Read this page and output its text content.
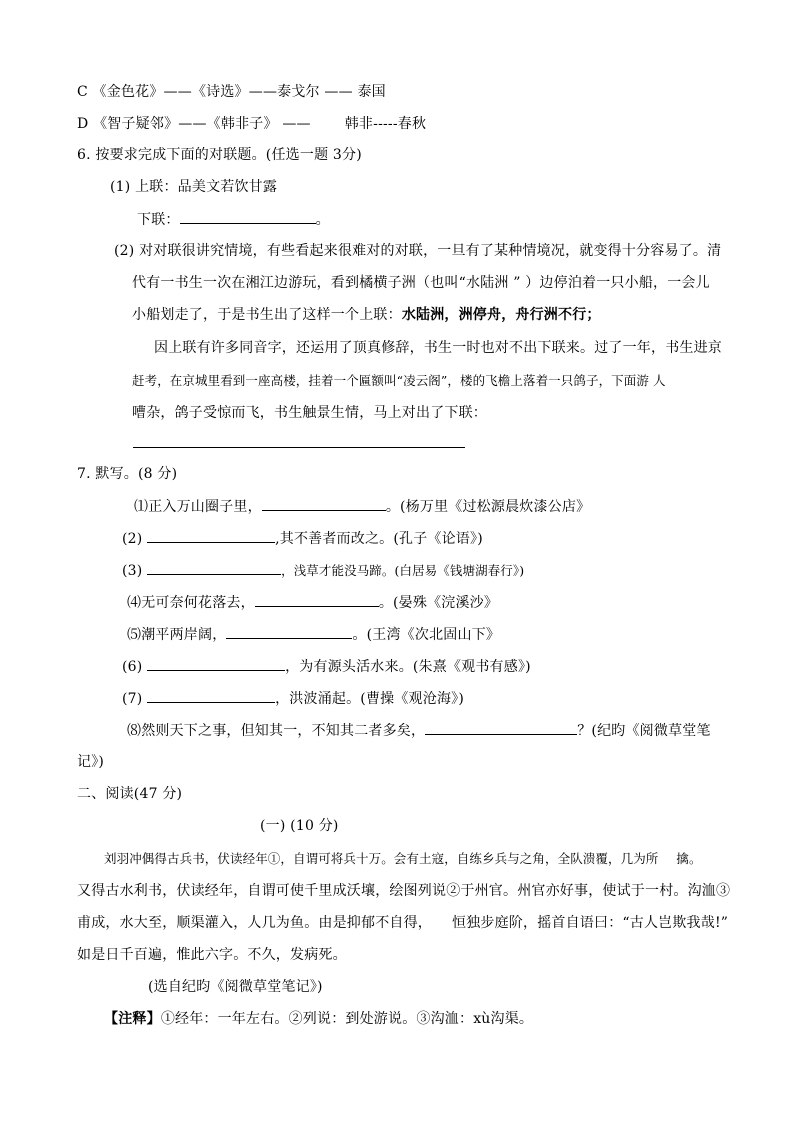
C 《金色花》——《诗选》——泰戈尔 —— 泰国
D 《智子疑邻》——《韩非子》 —— 韩非-----春秋
6. 按要求完成下面的对联题。(任选一题 3分)
(1) 上联：品美文若饮甘露
下联：	。
(2) 对对联很讲究情境，有些看起来很难对的对联，一旦有了某种情境况，就变得十分容易了。清
代有一书生一次在湘江边游玩，看到橘横子洲（也叫“水陆洲 ” ）边停泊着一只小船，一会儿
小船划走了，于是书生出了这样一个上联：水陆洲，洲停舟，舟行洲不行；
因上联有许多同音字，还运用了顶真修辞，书生一时也对不出下联来。过了一年，书生进京
赶考，在京城里看到一座高楼，挂着一个匾额叫“凌云阁”，楼的飞檐上落着一只鸽子，下面游 人
嘈杂，鸽子受惊而飞，书生触景生情，马上对出了下联：
7. 默写。(8 分)
⑴正入万山圈子里，	。(杨万里《过松源晨炊漆公店》
(2)	,其不善者而改之。(孔子《论语》)
(3)	，浅草才能没马蹄。(白居易《钱塘湖春行》)
⑷无可奈何花落去，	。(晏殊《浣溪沙》
⑸潮平两岸阔，	。(王湾《次北固山下》
(6)	，为有源头活水来。(朱熹《观书有感》)
(7)	，洪波涌起。(曹操《观沧海》)
⑻然则天下之事，但知其一，不知其二者多矣，	？(纪昀《阅微草堂笔
记》)
二、阅读(47 分)
(一) (10 分)
刘羽冲偶得古兵书，伏读经年①，自谓可将兵十万。会有土寇，自练乡兵与之角，全队溃覆，几为所 擒。
又得古水利书，伏读经年，自谓可使千里成沃壤，绘图列说②于州官。州官亦好事，使试于一村。沟洫③
甫成，水大至，顺渠灌入，人几为鱼。由是抑郁不自得， 恒独步庭阶，摇首自语曰：“古人岂欺我哉!”
如是日千百遍，惟此六字。不久，发病死。
(选自纪昀《阅微草堂笔记》)
【注释】①经年：一年左右。②列说：到处游说。③沟洫：xù沟渠。
